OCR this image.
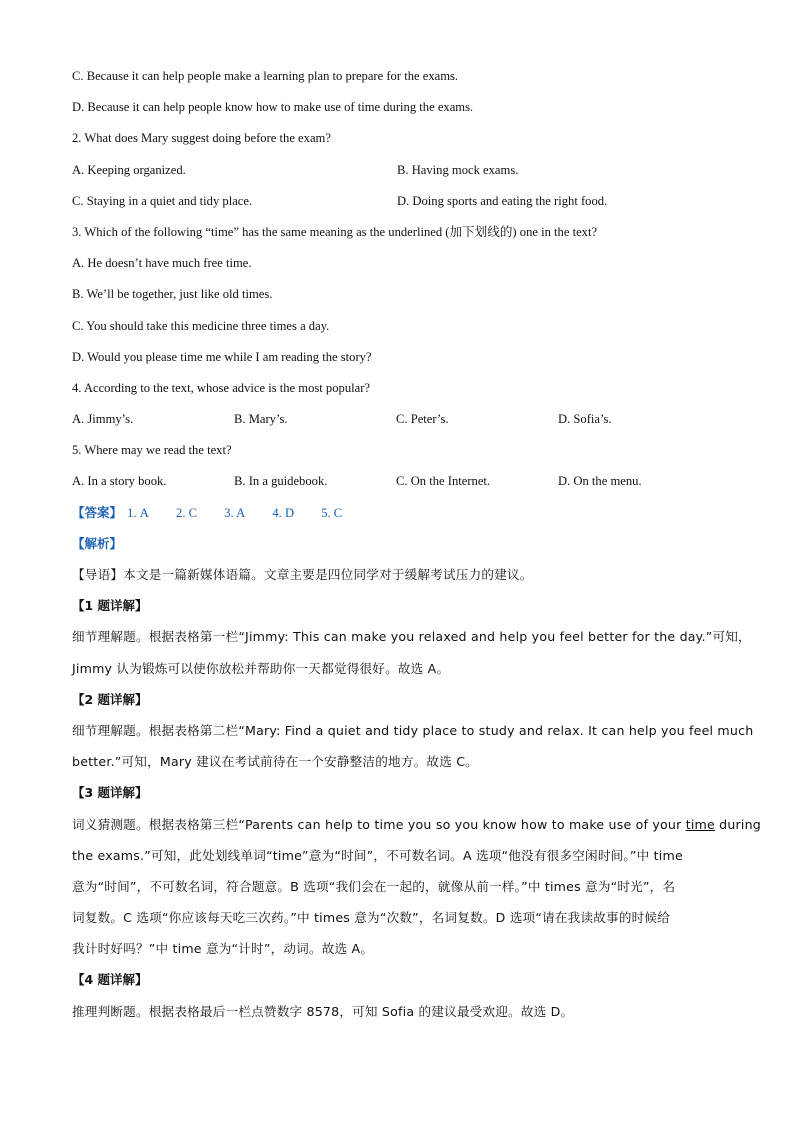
C. Because it can help people make a learning plan to prepare for the exams.
D. Because it can help people know how to make use of time during the exams.
2. What does Mary suggest doing before the exam?
A. Keeping organized.	B. Having mock exams.
C. Staying in a quiet and tidy place.	D. Doing sports and eating the right food.
3. Which of the following “time” has the same meaning as the underlined (加下划线的) one in the text?
A. He doesn’t have much free time.
B. We’ll be together, just like old times.
C. You should take this medicine three times a day.
D. Would you please time me while I am reading the story?
4. According to the text, whose advice is the most popular?
A. Jimmy’s.	B. Mary’s.	C. Peter’s.	D. Sofia’s.
5. Where may we read the text?
A. In a story book.	B. In a guidebook.	C. On the Internet.	D. On the menu.
【答案】 1. A 2. C 3. A 4. D 5. C
【解析】
【导语】本文是一篇新媒体语篇。文章主要是四位同学对于缓解考试压力的建议。
【1 题详解】
细节理解题。根据表格第一栏“Jimmy: This can make you relaxed and help you feel better for the day.”可知，
Jimmy 认为锻炼可以使你放松并帮助你一天都觉得很好。故选 A。
【2 题详解】
细节理解题。根据表格第二栏“Mary: Find a quiet and tidy place to study and relax. It can help you feel much
better.”可知，Mary 建议在考试前待在一个安静整洁的地方。故选 C。
【3 题详解】
词义猜测题。根据表格第三栏“Parents can help to time you so you know how to make use of your time during
the exams.”可知，此处划线单词“time”意为“时间”，不可数名词。A 选项“他没有很多空闲时间。”中 time
意为“时间”，不可数名词，符合题意。B 选项“我们会在一起的，就像从前一样。”中 times 意为“时光”，名
词复数。C 选项“你应该每天吃三次药。”中 times 意为“次数”，名词复数。D 选项“请在我读故事的时候给
我计时好吗？”中 time 意为“计时”，动词。故选 A。
【4 题详解】
推理判断题。根据表格最后一栏点赞数字 8578，可知 Sofia 的建议最受欢迎。故选 D。
